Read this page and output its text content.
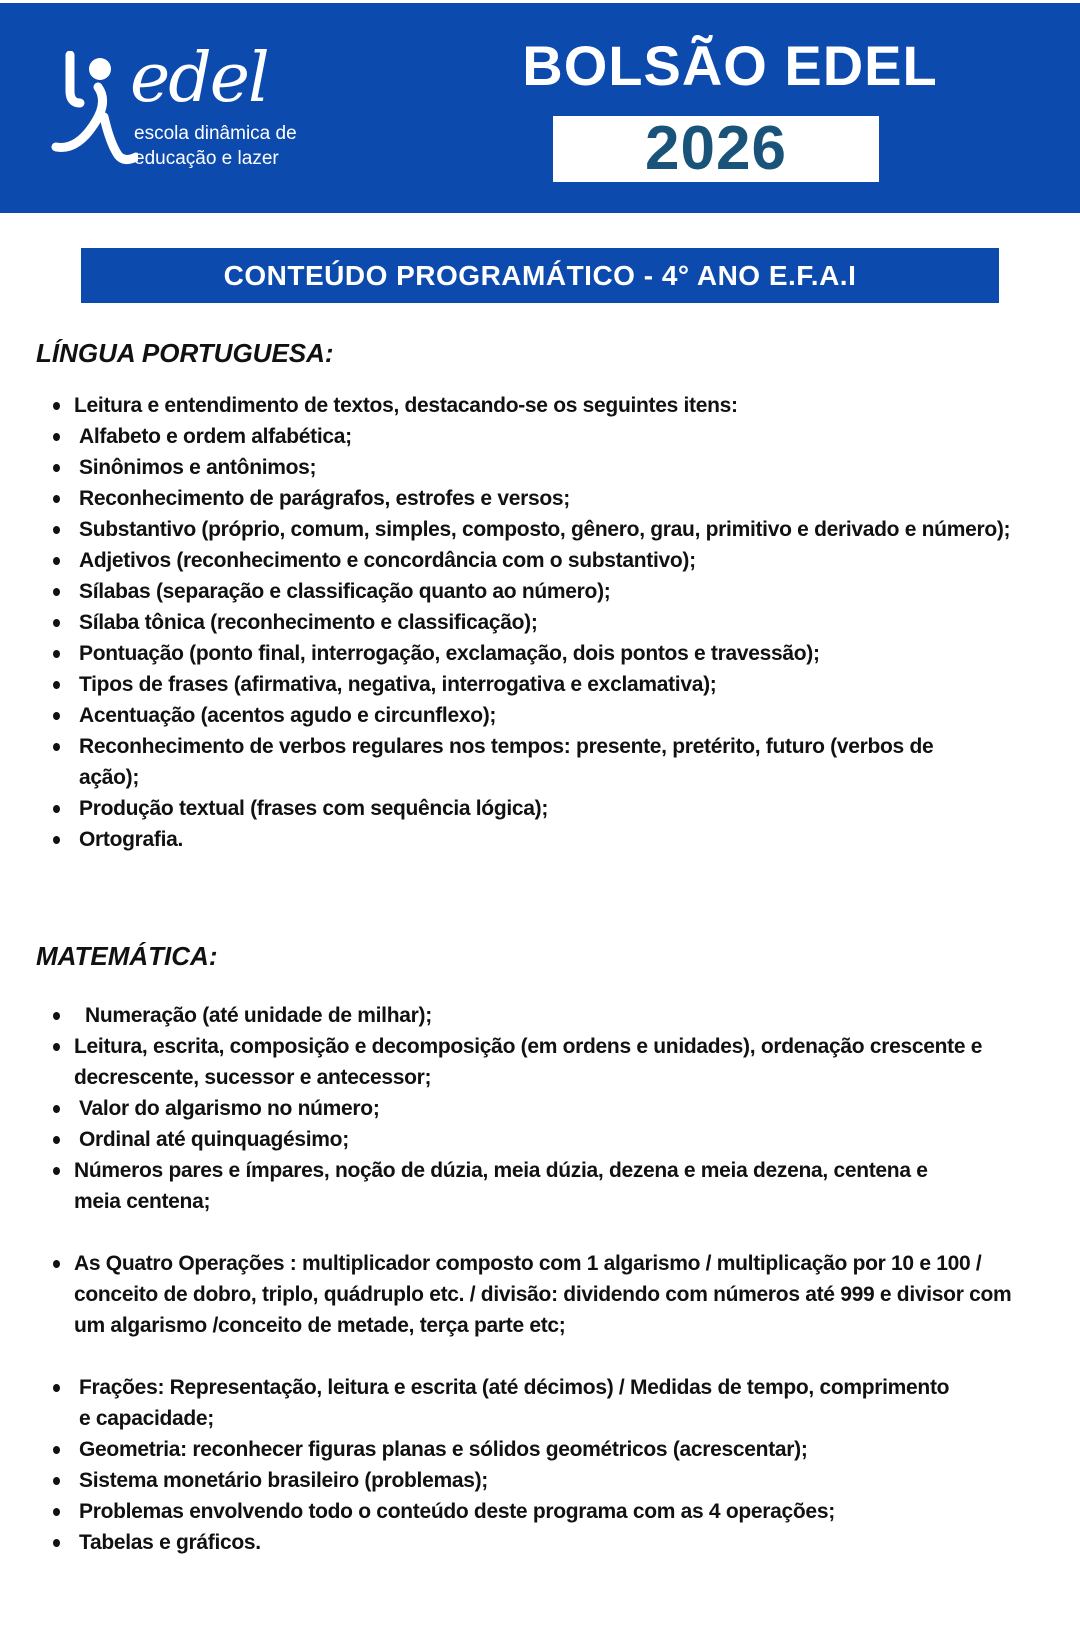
edel
escola dinâmica de
educação e lazer
BOLSÃO EDEL
2026
CONTEÚDO PROGRAMÁTICO - 4° ANO E.F.A.I
LÍNGUA PORTUGUESA:
Leitura e entendimento de textos, destacando-se os seguintes itens:
Alfabeto e ordem alfabética;
Sinônimos e antônimos;
Reconhecimento de parágrafos, estrofes e versos;
Substantivo (próprio, comum, simples, composto, gênero, grau, primitivo e derivado e número);
Adjetivos (reconhecimento e concordância com o substantivo);
Sílabas (separação e classificação quanto ao número);
Sílaba tônica (reconhecimento e classificação);
Pontuação (ponto final, interrogação, exclamação, dois pontos e travessão);
Tipos de frases (afirmativa, negativa, interrogativa e exclamativa);
Acentuação (acentos agudo e circunflexo);
Reconhecimento de verbos regulares nos tempos: presente, pretérito, futuro (verbos de ação);
Produção textual (frases com sequência lógica);
Ortografia.
MATEMÁTICA:
Numeração (até unidade de milhar);
Leitura, escrita, composição e decomposição (em ordens e unidades), ordenação crescente e decrescente, sucessor e antecessor;
Valor do algarismo no número;
Ordinal até quinquagésimo;
Números pares e ímpares, noção de dúzia, meia dúzia, dezena e meia dezena, centena e meia centena;
As Quatro Operações : multiplicador composto com 1 algarismo / multiplicação por 10 e 100 / conceito de dobro, triplo, quádruplo etc. / divisão: dividendo com números até 999 e divisor com um algarismo /conceito de metade, terça parte etc;
Frações: Representação, leitura e escrita (até décimos) / Medidas de tempo, comprimento e capacidade;
Geometria: reconhecer figuras planas e sólidos geométricos (acrescentar);
Sistema monetário brasileiro (problemas);
Problemas envolvendo todo o conteúdo deste programa com as 4 operações;
Tabelas e gráficos.
